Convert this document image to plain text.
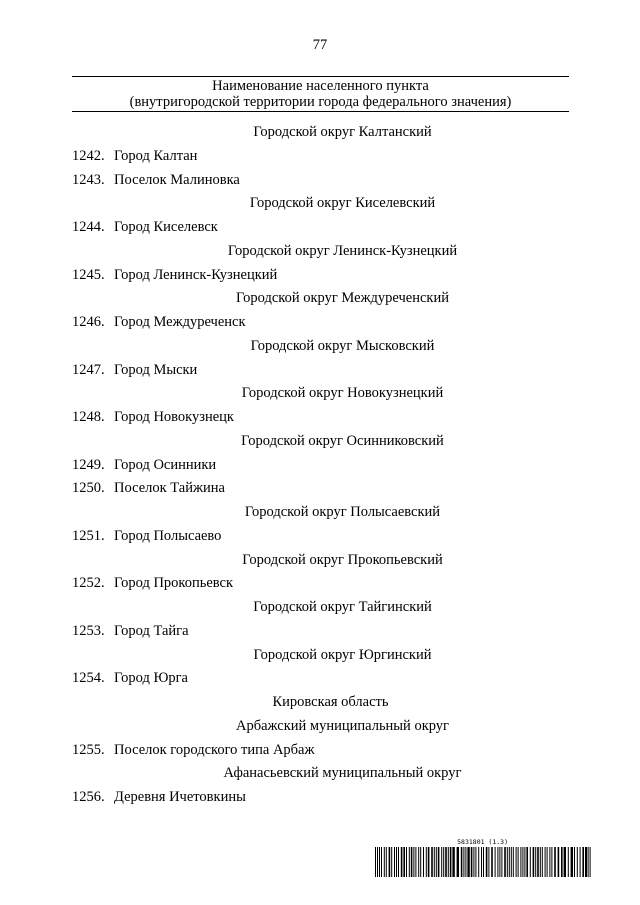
77
Наименование населенного пункта
(внутригородской территории города федерального значения)
Городской округ Калтанский
1242. Город Калтан
1243. Поселок Малиновка
Городской округ Киселевский
1244. Город Киселевск
Городской округ Ленинск-Кузнецкий
1245. Город Ленинск-Кузнецкий
Городской округ Междуреченский
1246. Город Междуреченск
Городской округ Мысковский
1247. Город Мыски
Городской округ Новокузнецкий
1248. Город Новокузнецк
Городской округ Осинниковский
1249. Город Осинники
1250. Поселок Тайжина
Городской округ Полысаевский
1251. Город Полысаево
Городской округ Прокопьевский
1252. Город Прокопьевск
Городской округ Тайгинский
1253. Город Тайга
Городской округ Юргинский
1254. Город Юрга
Кировская область
Арбажский муниципальный округ
1255. Поселок городского типа Арбаж
Афанасьевский муниципальный округ
1256. Деревня Ичетовкины
5831801 (1.3)
